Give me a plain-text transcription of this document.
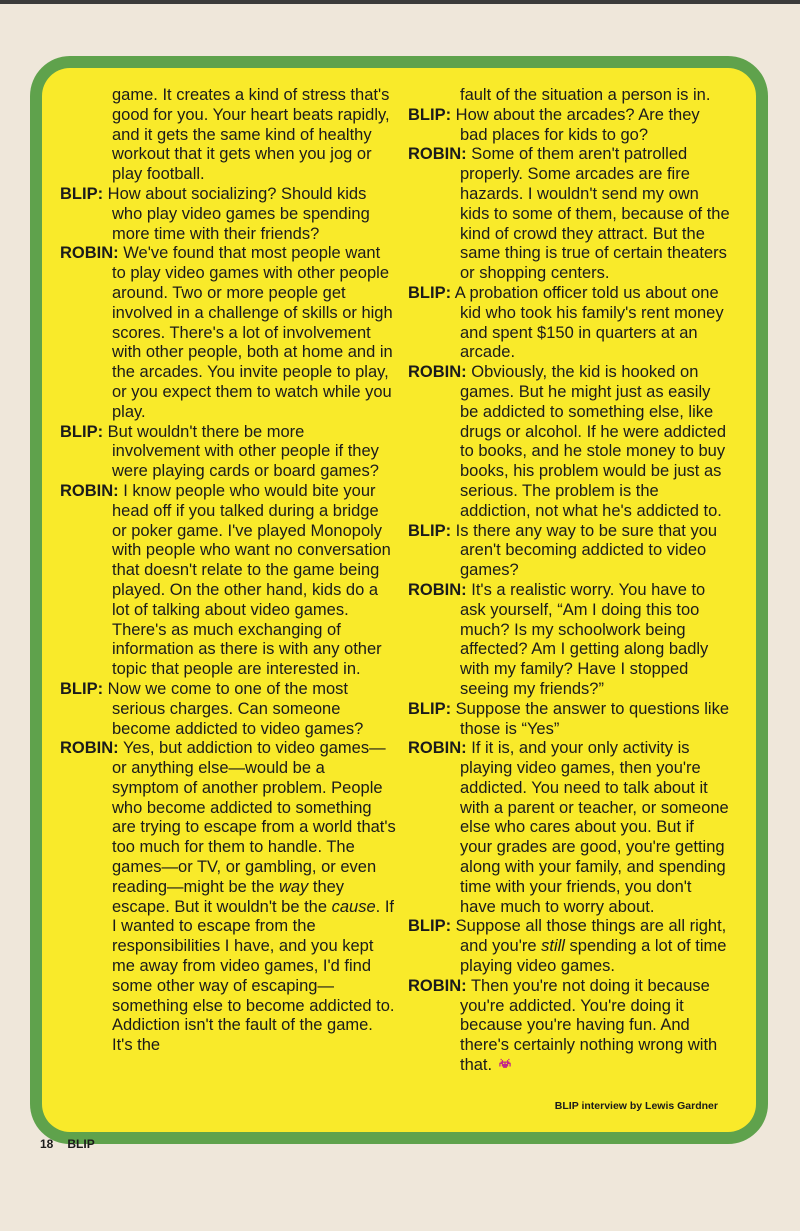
game. It creates a kind of stress that's good for you. Your heart beats rapidly, and it gets the same kind of healthy workout that it gets when you jog or play football.

BLIP: How about socializing? Should kids who play video games be spending more time with their friends?

ROBIN: We've found that most people want to play video games with other people around. Two or more people get involved in a challenge of skills or high scores. There's a lot of involvement with other people, both at home and in the arcades. You invite people to play, or you expect them to watch while you play.

BLIP: But wouldn't there be more involvement with other people if they were playing cards or board games?

ROBIN: I know people who would bite your head off if you talked during a bridge or poker game. I've played Monopoly with people who want no conversation that doesn't relate to the game being played. On the other hand, kids do a lot of talking about video games. There's as much exchanging of information as there is with any other topic that people are interested in.

BLIP: Now we come to one of the most serious charges. Can someone become addicted to video games?

ROBIN: Yes, but addiction to video games—or anything else—would be a symptom of another problem. People who become addicted to something are trying to escape from a world that's too much for them to handle. The games—or TV, or gambling, or even reading—might be the way they escape. But it wouldn't be the cause. If I wanted to escape from the responsibilities I have, and you kept me away from video games, I'd find some other way of escaping—something else to become addicted to. Addiction isn't the fault of the game. It's the

fault of the situation a person is in.

BLIP: How about the arcades? Are they bad places for kids to go?

ROBIN: Some of them aren't patrolled properly. Some arcades are fire hazards. I wouldn't send my own kids to some of them, because of the kind of crowd they attract. But the same thing is true of certain theaters or shopping centers.

BLIP: A probation officer told us about one kid who took his family's rent money and spent $150 in quarters at an arcade.

ROBIN: Obviously, the kid is hooked on games. But he might just as easily be addicted to something else, like drugs or alcohol. If he were addicted to books, and he stole money to buy books, his problem would be just as serious. The problem is the addiction, not what he's addicted to.

BLIP: Is there any way to be sure that you aren't becoming addicted to video games?

ROBIN: It's a realistic worry. You have to ask yourself, “Am I doing this too much? Is my schoolwork being affected? Am I getting along badly with my family? Have I stopped seeing my friends?”

BLIP: Suppose the answer to questions like those is “Yes”

ROBIN: If it is, and your only activity is playing video games, then you're addicted. You need to talk about it with a parent or teacher, or someone else who cares about you. But if your grades are good, you're getting along with your family, and spending time with your friends, you don't have much to worry about.

BLIP: Suppose all those things are all right, and you're still spending a lot of time playing video games.

ROBIN: Then you're not doing it because you're addicted. You're doing it because you're having fun. And there's certainly nothing wrong with that.

BLIP interview by Lewis Gardner
18 BLIP
